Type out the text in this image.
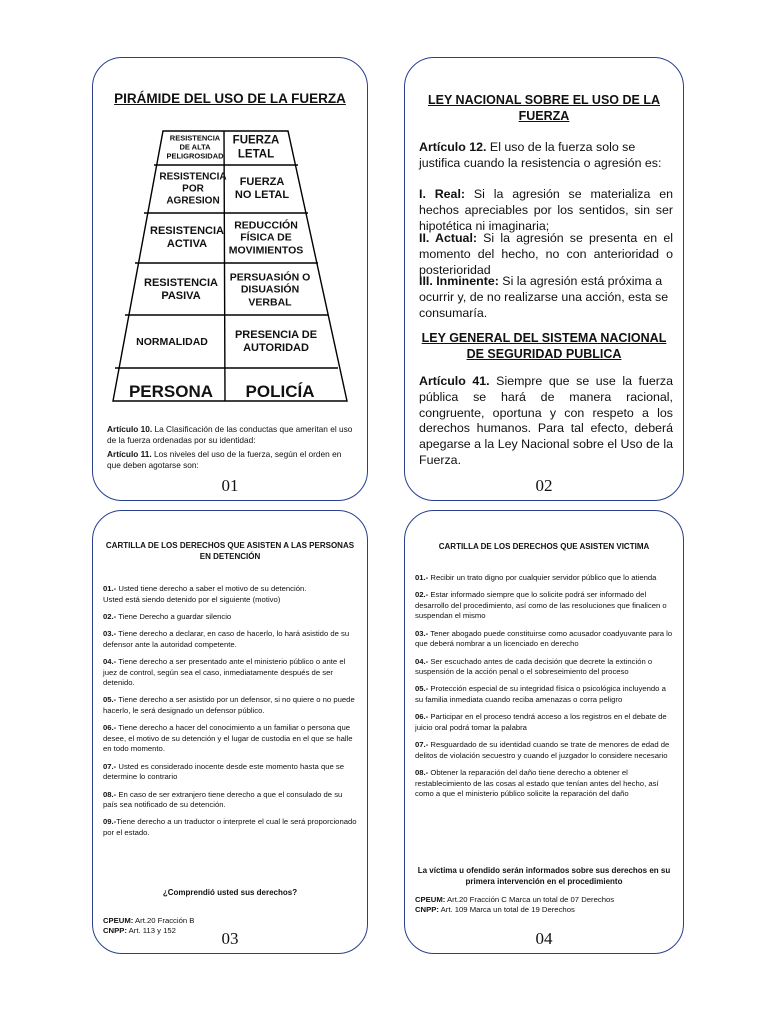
PIRÁMIDE DEL USO DE LA FUERZA
RESISTENCIA
DE ALTA
PELIGROSIDAD
FUERZA
LETAL
RESISTENCIA
POR
AGRESION
FUERZA
NO LETAL
RESISTENCIA
ACTIVA
REDUCCIÓN
FÍSICA DE
MOVIMIENTOS
RESISTENCIA
PASIVA
PERSUASIÓN O
DISUASIÓN
VERBAL
NORMALIDAD
PRESENCIA DE
AUTORIDAD
PERSONA POLICÍA
Artículo 10. La Clasificación de las conductas que ameritan el uso de la fuerza ordenadas por su identidad:
Artículo 11. Los niveles del uso de la fuerza, según el orden en que deben agotarse son:
01
LEY NACIONAL SOBRE EL USO DE LA FUERZA
Artículo 12. El uso de la fuerza solo se justifica cuando la resistencia o agresión es:
I. Real: Si la agresión se materializa en hechos apreciables por los sentidos, sin ser hipotética ni imaginaria;
II. Actual: Si la agresión se presenta en el momento del hecho, no con anterioridad o posterioridad
III. Inminente: Si la agresión está próxima a ocurrir y, de no realizarse una acción, esta se consumaría.
LEY GENERAL DEL SISTEMA NACIONAL DE SEGURIDAD PUBLICA
Artículo 41. Siempre que se use la fuerza pública se hará de manera racional, congruente, oportuna y con respeto a los derechos humanos. Para tal efecto, deberá apegarse a la Ley Nacional sobre el Uso de la Fuerza.
02
CARTILLA DE LOS DERECHOS QUE ASISTEN A LAS PERSONAS EN DETENCIÓN
01.- Usted tiene derecho a saber el motivo de su detención.
Usted está siendo detenido por el siguiente (motivo)
02.- Tiene Derecho a guardar silencio
03.- Tiene derecho a declarar, en caso de hacerlo, lo hará asistido de su defensor ante la autoridad competente.
04.- Tiene derecho a ser presentado ante el ministerio público o ante el juez de control, según sea el caso, inmediatamente después de ser detenido.
05.- Tiene derecho a ser asistido por un defensor, si no quiere o no puede hacerlo, le será designado un defensor público.
06.- Tiene derecho a hacer del conocimiento a un familiar o persona que desee, el motivo de su detención y el lugar de custodia en el que se halle en todo momento.
07.- Usted es considerado inocente desde este momento hasta que se determine lo contrario
08.- En caso de ser extranjero tiene derecho a que el consulado de su país sea notificado de su detención.
09.-Tiene derecho a un traductor o interprete el cual le será proporcionado por el estado.
¿Comprendió usted sus derechos?
CPEUM: Art.20 Fracción B
CNPP: Art. 113 y 152	03
CARTILLA DE LOS DERECHOS QUE ASISTEN VICTIMA
01.- Recibir un trato digno por cualquier servidor público que lo atienda
02.- Estar informado siempre que lo solicite podrá ser informado del desarrollo del procedimiento, así como de las resoluciones que finalicen o suspendan el mismo
03.- Tener abogado puede constituirse como acusador coadyuvante para lo que deberá nombrar a un licenciado en derecho
04.- Ser escuchado antes de cada decisión que decrete la extinción o suspensión de la acción penal o el sobreseimiento del proceso
05.- Protección especial de su integridad física o psicológica incluyendo a su familia inmediata cuando reciba amenazas o corra peligro
06.- Participar en el proceso tendrá acceso a los registros en el debate de juicio oral podrá tomar la palabra
07.- Resguardado de su identidad cuando se trate de menores de edad de delitos de violación secuestro y cuando el juzgador lo considere necesario
08.- Obtener la reparación del daño tiene derecho a obtener el restablecimiento de las cosas al estado que tenían antes del hecho, así como a que el ministerio público solicite la reparación del daño
La víctima u ofendido serán informados sobre sus derechos en su primera intervención en el procedimiento
CPEUM: Art.20 Fracción C Marca un total de 07 Derechos
CNPP: Art. 109 Marca un total de 19 Derechos
04
